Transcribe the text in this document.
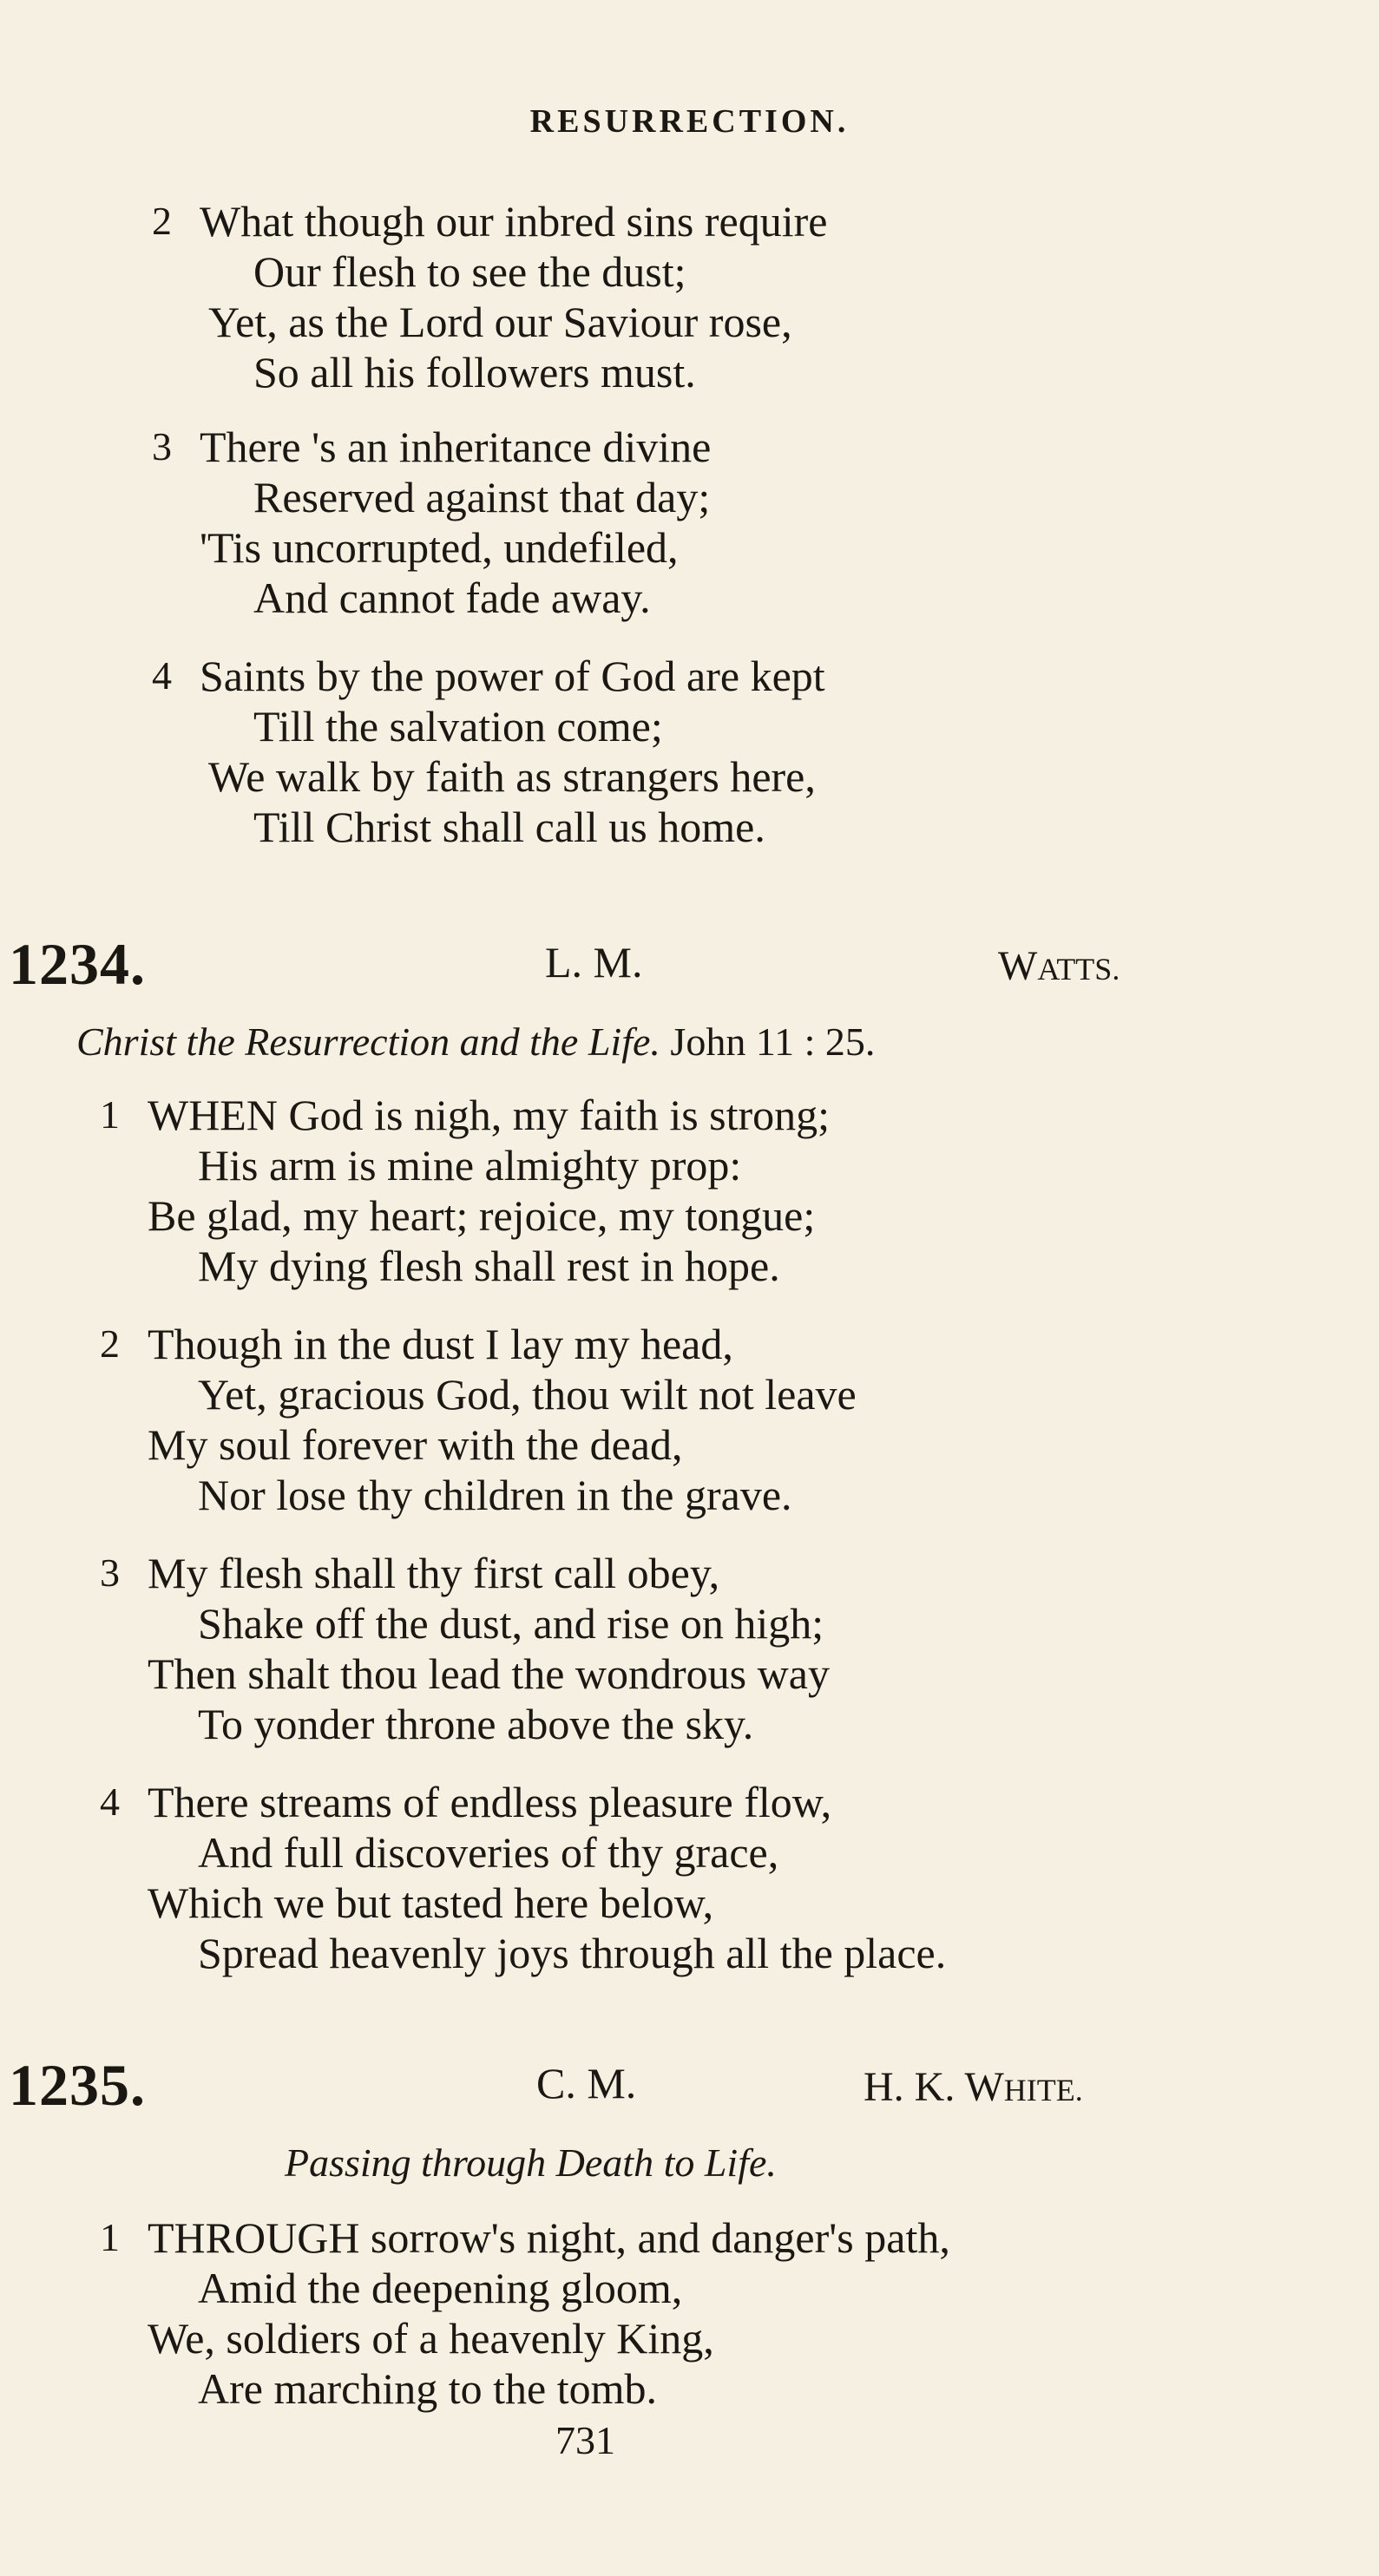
RESURRECTION.
2 What though our inbred sins require
Our flesh to see the dust;
Yet, as the Lord our Saviour rose,
So all his followers must.
3 There 's an inheritance divine
Reserved against that day;
'Tis uncorrupted, undefiled,
And cannot fade away.
4 Saints by the power of God are kept
Till the salvation come;
We walk by faith as strangers here,
Till Christ shall call us home.
1234.	L. M.	WATTS.
Christ the Resurrection and the Life. John 11 : 25.
1 WHEN God is nigh, my faith is strong;
His arm is mine almighty prop:
Be glad, my heart; rejoice, my tongue;
My dying flesh shall rest in hope.
2 Though in the dust I lay my head,
Yet, gracious God, thou wilt not leave
My soul forever with the dead,
Nor lose thy children in the grave.
3 My flesh shall thy first call obey,
Shake off the dust, and rise on high;
Then shalt thou lead the wondrous way
To yonder throne above the sky.
4 There streams of endless pleasure flow,
And full discoveries of thy grace,
Which we but tasted here below,
Spread heavenly joys through all the place.
1235.	C. M.	H. K. WHITE.
Passing through Death to Life.
1 THROUGH sorrow's night, and danger's path,
Amid the deepening gloom,
We, soldiers of a heavenly King,
Are marching to the tomb.
731
